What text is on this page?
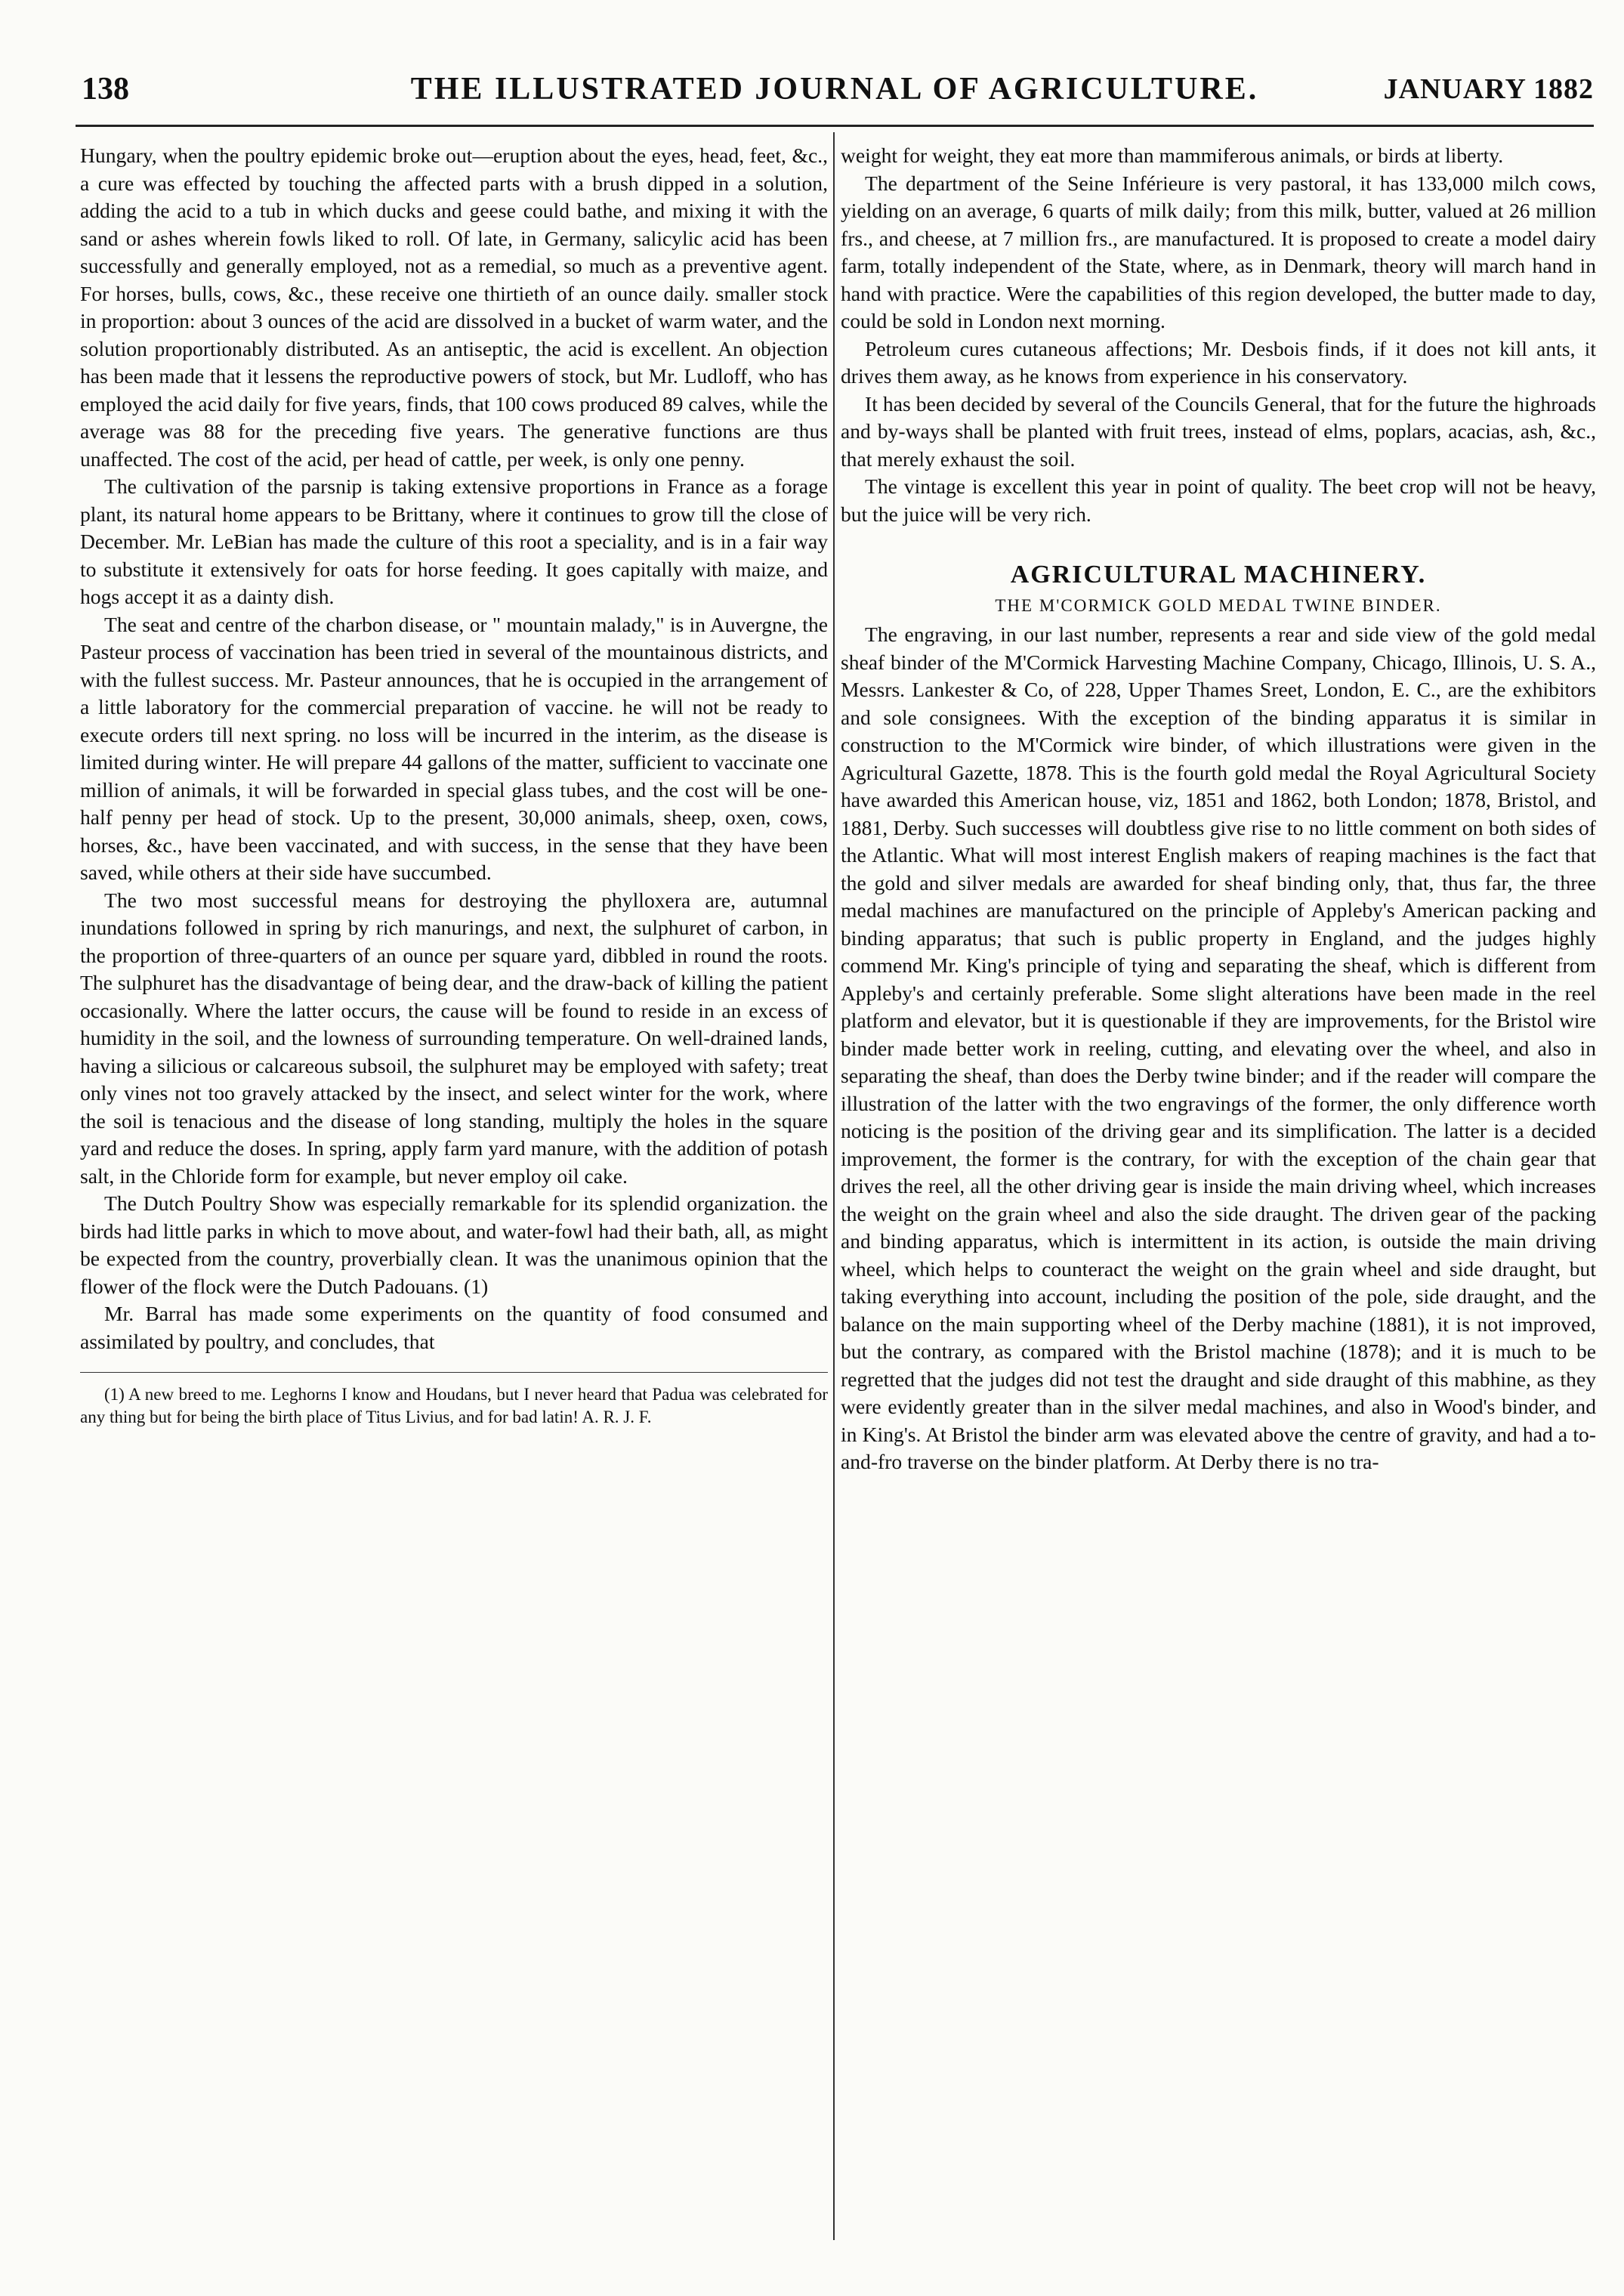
138	THE ILLUSTRATED JOURNAL OF AGRICULTURE.	JANUARY 1882

Hungary, when the poultry epidemic broke out—eruption about the eyes, head, feet, &c., a cure was effected by touching the affected parts with a brush dipped in a solution, adding the acid to a tub in which ducks and geese could bathe, and mixing it with the sand or ashes wherein fowls liked to roll. Of late, in Germany, salicylic acid has been successfully and generally employed, not as a remedial, so much as a preventive agent. For horses, bulls, cows, &c., these receive one thirtieth of an ounce daily. smaller stock in proportion: about 3 ounces of the acid are dissolved in a bucket of warm water, and the solution proportionably distributed. As an antiseptic, the acid is excellent. An objection has been made that it lessens the reproductive powers of stock, but Mr. Ludloff, who has employed the acid daily for five years, finds, that 100 cows produced 89 calves, while the average was 88 for the preceding five years. The generative functions are thus unaffected. The cost of the acid, per head of cattle, per week, is only one penny.

The cultivation of the parsnip is taking extensive proportions in France as a forage plant, its natural home appears to be Brittany, where it continues to grow till the close of December. Mr. LeBian has made the culture of this root a speciality, and is in a fair way to substitute it extensively for oats for horse feeding. It goes capitally with maize, and hogs accept it as a dainty dish.

The seat and centre of the charbon disease, or " mountain malady," is in Auvergne, the Pasteur process of vaccination has been tried in several of the mountainous districts, and with the fullest success. Mr. Pasteur announces, that he is occupied in the arrangement of a little laboratory for the commercial preparation of vaccine. he will not be ready to execute orders till next spring. no loss will be incurred in the interim, as the disease is limited during winter. He will prepare 44 gallons of the matter, sufficient to vaccinate one million of animals, it will be forwarded in special glass tubes, and the cost will be one-half penny per head of stock. Up to the present, 30,000 animals, sheep, oxen, cows, horses, &c., have been vaccinated, and with success, in the sense that they have been saved, while others at their side have succumbed.

The two most successful means for destroying the phylloxera are, autumnal inundations followed in spring by rich manurings, and next, the sulphuret of carbon, in the proportion of three-quarters of an ounce per square yard, dibbled in round the roots. The sulphuret has the disadvantage of being dear, and the draw-back of killing the patient occasionally. Where the latter occurs, the cause will be found to reside in an excess of humidity in the soil, and the lowness of surrounding temperature. On well-drained lands, having a silicious or calcareous subsoil, the sulphuret may be employed with safety; treat only vines not too gravely attacked by the insect, and select winter for the work, where the soil is tenacious and the disease of long standing, multiply the holes in the square yard and reduce the doses. In spring, apply farm yard manure, with the addition of potash salt, in the Chloride form for example, but never employ oil cake.

The Dutch Poultry Show was especially remarkable for its splendid organization. the birds had little parks in which to move about, and water-fowl had their bath, all, as might be expected from the country, proverbially clean. It was the unanimous opinion that the flower of the flock were the Dutch Padouans. (1)

Mr. Barral has made some experiments on the quantity of food consumed and assimilated by poultry, and concludes, that

(1) A new breed to me. Leghorns I know and Houdans, but I never heard that Padua was celebrated for any thing but for being the birth place of Titus Livius, and for bad latin! A. R. J. F.

weight for weight, they eat more than mammiferous animals, or birds at liberty.

The department of the Seine Inférieure is very pastoral, it has 133,000 milch cows, yielding on an average, 6 quarts of milk daily; from this milk, butter, valued at 26 million frs., and cheese, at 7 million frs., are manufactured. It is proposed to create a model dairy farm, totally independent of the State, where, as in Denmark, theory will march hand in hand with practice. Were the capabilities of this region developed, the butter made to day, could be sold in London next morning.

Petroleum cures cutaneous affections; Mr. Desbois finds, if it does not kill ants, it drives them away, as he knows from experience in his conservatory.

It has been decided by several of the Councils General, that for the future the highroads and by-ways shall be planted with fruit trees, instead of elms, poplars, acacias, ash, &c., that merely exhaust the soil.

The vintage is excellent this year in point of quality. The beet crop will not be heavy, but the juice will be very rich.

AGRICULTURAL MACHINERY.
THE M'CORMICK GOLD MEDAL TWINE BINDER.

The engraving, in our last number, represents a rear and side view of the gold medal sheaf binder of the M'Cormick Harvesting Machine Company, Chicago, Illinois, U. S. A., Messrs. Lankester & Co, of 228, Upper Thames Sreet, London, E. C., are the exhibitors and sole consignees. With the exception of the binding apparatus it is similar in construction to the M'Cormick wire binder, of which illustrations were given in the Agricultural Gazette, 1878. This is the fourth gold medal the Royal Agricultural Society have awarded this American house, viz, 1851 and 1862, both London; 1878, Bristol, and 1881, Derby. Such successes will doubtless give rise to no little comment on both sides of the Atlantic. What will most interest English makers of reaping machines is the fact that the gold and silver medals are awarded for sheaf binding only, that, thus far, the three medal machines are manufactured on the principle of Appleby's American packing and binding apparatus; that such is public property in England, and the judges highly commend Mr. King's principle of tying and separating the sheaf, which is different from Appleby's and certainly preferable. Some slight alterations have been made in the reel platform and elevator, but it is questionable if they are improvements, for the Bristol wire binder made better work in reeling, cutting, and elevating over the wheel, and also in separating the sheaf, than does the Derby twine binder; and if the reader will compare the illustration of the latter with the two engravings of the former, the only difference worth noticing is the position of the driving gear and its simplification. The latter is a decided improvement, the former is the contrary, for with the exception of the chain gear that drives the reel, all the other driving gear is inside the main driving wheel, which increases the weight on the grain wheel and also the side draught. The driven gear of the packing and binding apparatus, which is intermittent in its action, is outside the main driving wheel, which helps to counteract the weight on the grain wheel and side draught, but taking everything into account, including the position of the pole, side draught, and the balance on the main supporting wheel of the Derby machine (1881), it is not improved, but the contrary, as compared with the Bristol machine (1878); and it is much to be regretted that the judges did not test the draught and side draught of this mabhine, as they were evidently greater than in the silver medal machines, and also in Wood's binder, and in King's. At Bristol the binder arm was elevated above the centre of gravity, and had a to-and-fro traverse on the binder platform. At Derby there is no tra-
